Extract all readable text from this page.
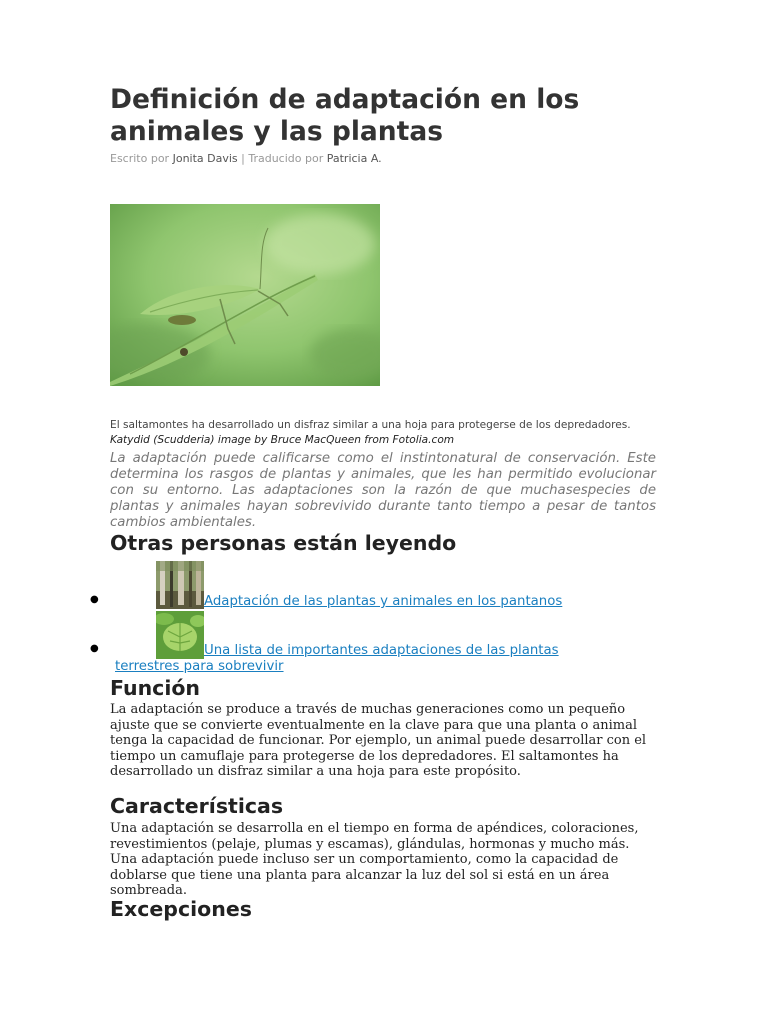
Definición de adaptación en los animales y las plantas
Escrito por Jonita Davis | Traducido por Patricia A.
El saltamontes ha desarrollado un disfraz similar a una hoja para protegerse de los depredadores.
Katydid (Scudderia) image by Bruce MacQueen from Fotolia.com

La adaptación puede calificarse como el instintonatural de conservación. Este determina los rasgos de plantas y animales, que les han permitido evolucionar con su entorno. Las adaptaciones son la razón de que muchasespecies de plantas y animales hayan sobrevivido durante tanto tiempo a pesar de tantos cambios ambientales.

Otras personas están leyendo
●	Adaptación de las plantas y animales en los pantanos
●	Una lista de importantes adaptaciones de las plantas
terrestres para sobrevivir
Función

La adaptación se produce a través de muchas generaciones como un pequeño ajuste que se convierte eventualmente en la clave para que una planta o animal tenga la capacidad de funcionar. Por ejemplo, un animal puede desarrollar con el tiempo un camuflaje para protegerse de los depredadores. El saltamontes ha desarrollado un disfraz similar a una hoja para este propósito.

Características

Una adaptación se desarrolla en el tiempo en forma de apéndices, coloraciones, revestimientos (pelaje, plumas y escamas), glándulas, hormonas y mucho más. Una adaptación puede incluso ser un comportamiento, como la capacidad de doblarse que tiene una planta para alcanzar la luz del sol si está en un área sombreada.

Excepciones
